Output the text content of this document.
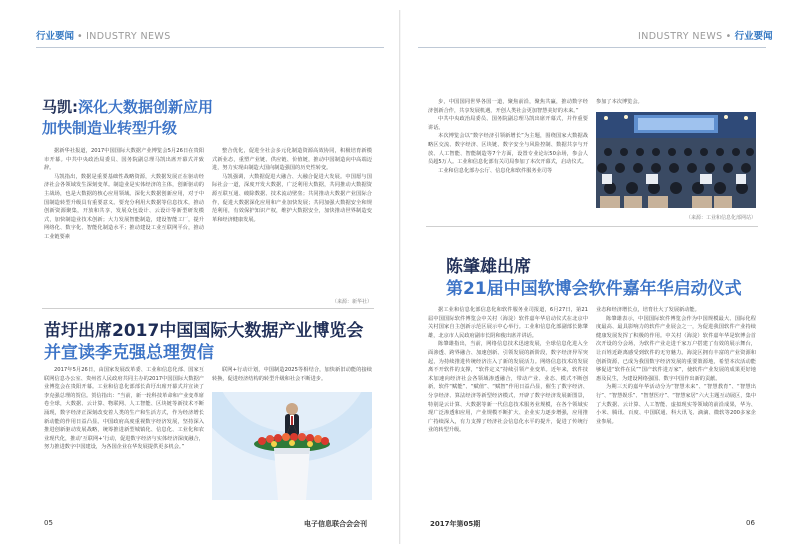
行业要闻 • INDUSTRY NEWS	INDUSTRY NEWS • 行业要闻
马凯:深化大数据创新应用
加快制造业转型升级

据新华社报道，2017中国国际大数据产业博览会5月26日在贵阳市开幕。中共中央政治局委员、国务院副总理马凯出席开幕式并致辞。

马凯指出，数据是重要基础性战略资源，大数据发展正在驱动经济社会各领域发生深刻变革。制造业是实体经济的主体，创新驱动的主战场，也是大数据的核心应用领域。深化大数据创新应用，对于中国制造转型升级具有重要意义。要充分利用大数据等信息技术，推动创新资源聚集，开放和共享，发展众包设计、云设计等新型研发模式，加快制造业技术创新；大力发展智能制造，建设智能工厂，提升网络化、数字化、智能化制造水平；推动建设工业互联网平台，推动工业链要素

整合优化，促进全社会多元化制造资源高效协同，积极培育新模式新业态，重塑产业链、供应链、价值链，推动中国制造向中高端迈进，努力实现由制造大国向制造强国的历史性转变。

马凯强调，大数据促进大融合、大融合促进大发展。中国愿与国际社会一道，深度开发大数据，广泛利用大数据，共同推动大数据资源互联互通、破除数据、技术流动壁垒；共同推动大数据产业国际合作，促进大数据深化应用和产业加快发展；共同加强大数据安全和规范利用，有效保护知识产权，维护大数据安全，加快推动世界制造变革和经济健康发展。

（来源：新华社）
苗圩出席2017中国国际大数据产业博览会
并宣读李克强总理贺信

2017年5月26日，由国家发展改革委、工业和信息化部、国家互联网信息办公室、贵州省人民政府共同主办的2017中国国际大数据产业博览会在贵阳开幕。工业和信息化部部长苗圩出席开幕式并宣读了李克强总理的贺信。贺信指出：“当前，新一轮科技革命和产业变革席卷全球，大数据、云计算、物联网、人工智能、区块链等新技术不断涌现，数字经济正深刻改变着人类的生产和生活方式，作为经济增长新动能的作用日益凸显。中国政府高度重视数字经济发展，坚持深入推进创新驱动发展战略，统筹推进新型城镇化、信息化、工业化和农业现代化，推动‘互联网+’行动，促进数字经济与实体经济深度融合，努力推进数字中国建设，为各国企业在华发展提供更多机会。”

联网+行动计划，中国制造2025等相结合，加快新旧动能的接续转换，促进经济结构的转型升级和社会不断进步。

05	电子信息联合会会刊

步，中国国同世界各国一道，聚焦前沿，聚焦共赢，推动数字经济创新合作，共享发展机遇，开创人类社会更加智慧美好的未来。”

中共中央政治局委员、国务院副总理马凯出席开幕式，并作重要讲话。

本次博览会以“数字经济引领新增长”为主题，围绕国家大数据战略区交流、数字经济、区块链、数字安全与风险控制、数据共享与开放、人工智能、智能制造等7个方面，设置专业论坛50余场，参会人员超5万人。工业和信息化部有关司局参加了本次开幕式，启动仪式。

工业和信息化部办公厅、信息化和软件服务业司等

参加了本次博览会。

（来源：工业和信息化部网站）
陈肇雄出席
第21届中国软博会软件嘉年华启动仪式

据工业和信息化部信息化和软件服务业司报道，6月27日，第21届中国国际软件博览会中关村（海淀）软件嘉年华启动仪式在北京中关村国家自主创新示范区展示中心举行。工业和信息化部副部长陈肇雄，北京市人民政府副市长阴和俊出席并讲话。

陈肇雄指出，当前，网络信息技术迅速发展，全球信息化进入全面渗透、跨界融合、加速创新、引领发展的新阶段，数字经济异军突起，为持续推进传统经济注入了新的发展活力。网络信息技术的发展离不开软件的支撑，“软件定义”持续引领产业变革。近年来，软件技术加速向经济社会各领域渗透融合，带动产业、业态、模式不断创新，软件“赋能”、“赋值”、“赋智”作用日益凸显，催生了数字经济、分享经济、算法经济等新型经济模式，开辟了数字经济发展新图景，特别是云计算、大数据等新一代信息技术服务业规模，在各个领域实现广泛渗透和应用，产业规模不断扩大、企业实力逐步增强，应用推广持续深入，有力支撑了经济社会信息化水平的提升，促进了传统行业的转型升级。

业态和经济增长点，培育壮大了发展新动能。

陈肇雄表示，中国国际软件博览会作为中国规模最大、国际化程度最高、最具影响力的软件产业展会之一，为促进我国软件产业持续健康发展发挥了积极的作用。中关村（海淀）软件嘉年华是软博会首次开设的分会场，为软件产业走进千家万户搭建了有效的展示舞台，让百姓近距离感受到软件的无穷魅力。海淀区拥有丰富的产业资源和创新资源，已成为我国数字经济发展的重要策源地，希望本次活动能够促进“软件在民”“国产软件进万家”，使软件产业发展的成果更好地惠及民生，为建设网络强国、数字中国作出新的贡献。

为期三天的嘉年华活动分为“智慧未来”、“智慧教育”、“智慧出行”、“智慧娱乐”、“智慧医疗”、“智慧家居”六大主题互动展区，集中了大数据、云计算、人工智能、虚拟现实等领域的前沿成果，华为、小米、腾讯、百度、中国联通、科大讯飞、滴滴、微软等200多家企业参展。

2017年第05期	06
